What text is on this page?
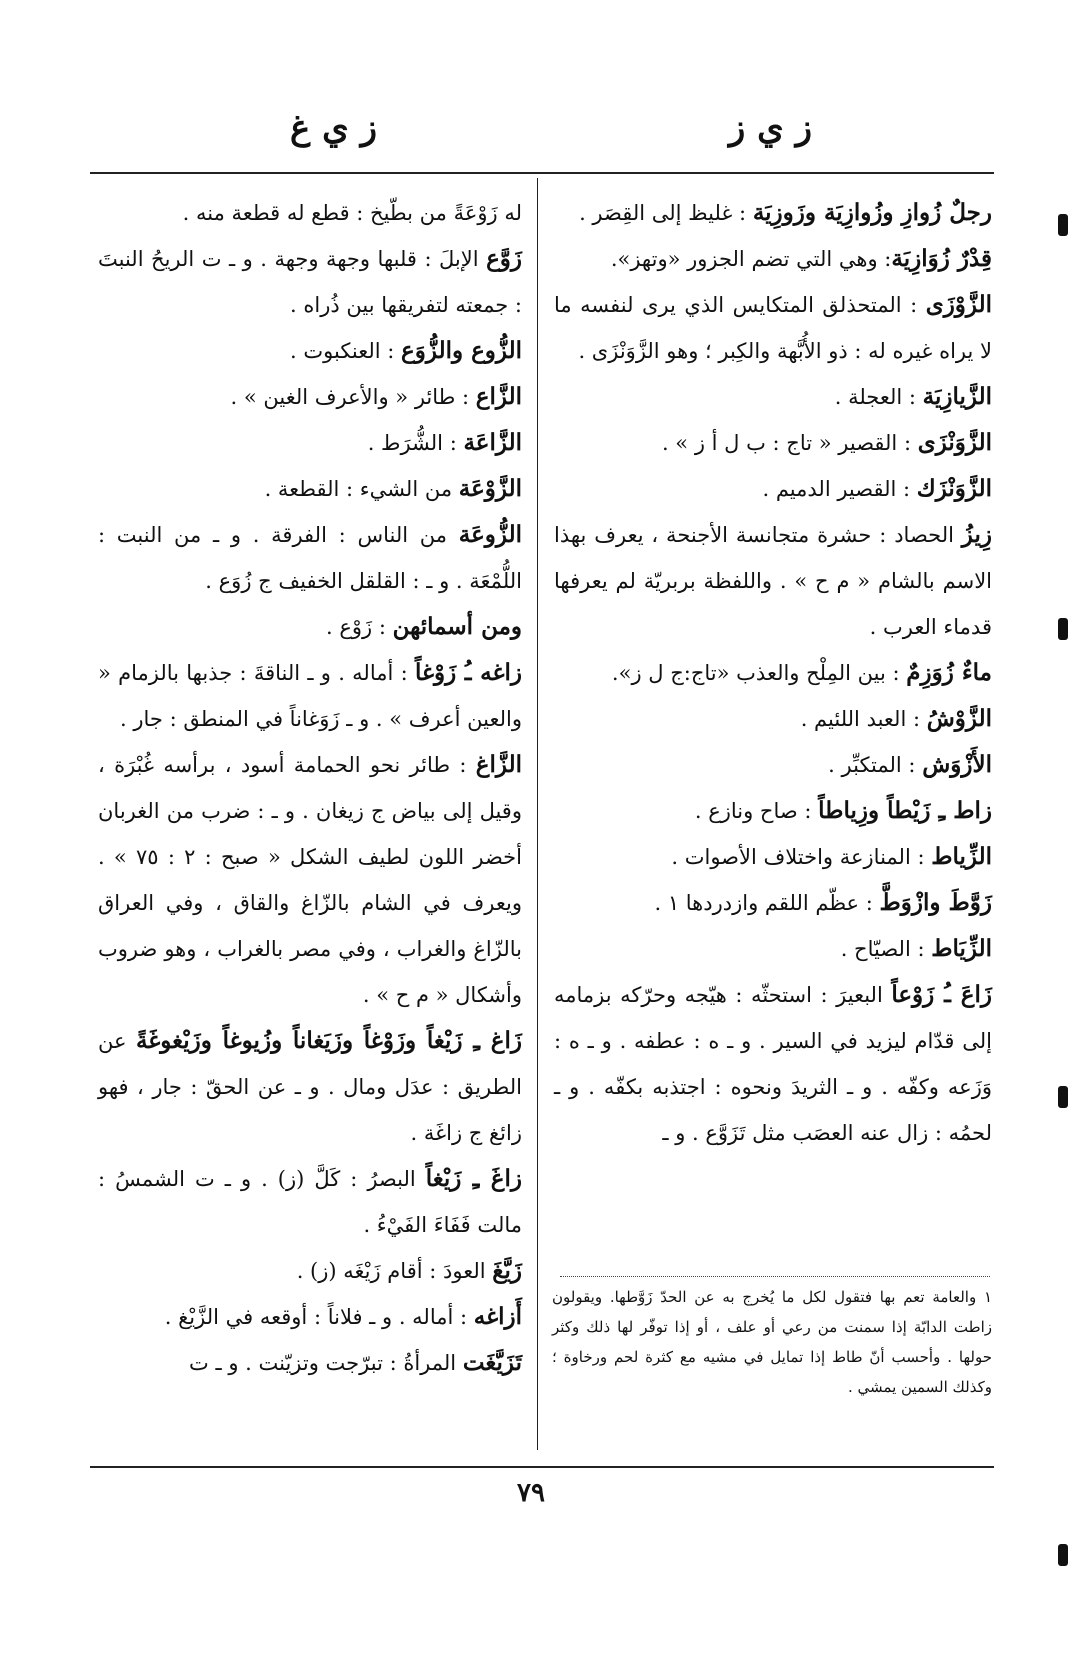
ز ي ز
ز ي غ

رجلٌ زُوازِ وزُوازِيَة وزَوزِيَة : غليظ إلى القِصَر .

قِدْرٌ زُوَازِيَة: وهي التي تضم الجزور «وتهز».

الزَّوْزَى : المتحذلق المتكايس الذي يرى لنفسه ما لا يراه غيره له : ذو الأُبَّهة والكِبر ؛ وهو الزَّوَنْزَى .

الزَّيازِيَة : العجلة .

الزَّوَنْزَى : القصير « تاج : ب ل أ ز » .

الزَّوَنْزَك : القصير الدميم .

زِيزُ الحصاد : حشرة متجانسة الأجنحة ، يعرف بهذا الاسم بالشام « م ح » . واللفظة بربريّة لم يعرفها قدماء العرب .

ماءٌ زُوَزِمٌ : بين المِلْح والعذب «تاج:ج ل ز».

الزَّوْشُ : العبد اللئيم .

الأَزْوَش : المتكبِّر .

زاط ـِ زَيْطاً وزِياطاً : صاح ونازع .

الزِّياط : المنازعة واختلاف الأصوات .

زَوَّطَ وازْوَطَّ : عظّم اللقم وازدردها ١ .

الزِّيَاط : الصيّاح .

زَاعَ ـُ زَوْعاً البعيرَ : استحثّه : هيّجه وحرّكه بزمامه إلى قدّام ليزيد في السير . و ـ ه : عطفه . و ـ ه : وَزَعه وكفّه . و ـ الثريدَ ونحوه : اجتذبه بكفّه . و ـ لحمُه : زال عنه العصَب مثل تَزَوَّع . و ـ

١ والعامة تعم بها فتقول لكل ما يُخرج به عن الحدّ زَوَّطها. ويقولون زاطت الدابّة إذا سمنت من رعي أو علف ، أو إذا توفّر لها ذلك وكثر حولها . وأحسب أنّ طاط إذا تمايل في مشيه مع كثرة لحم ورخاوة ؛ وكذلك السمين يمشي .

له زَوْعَةً من بطّيخ : قطع له قطعة منه .

زَوَّع الإبلَ : قلبها وجهة وجهة . و ـ ت الريحُ النبتَ : جمعته لتفريقها بين ذُراه .

الزُّوع والزُّوَع : العنكبوت .

الزَّاع : طائر « والأعرف الغين » .

الزَّاعَة : الشُّرَط .

الزَّوْعَة من الشيء : القطعة .

الزُّوعَة من الناس : الفرقة . و ـ من النبت : اللُّمْعَة . و ـ : القلقل الخفيف ج زُوَع .

ومن أسمائهن : زَوْع .

زاغه ـُ زَوْغاً : أماله . و ـ الناقةَ : جذبها بالزمام « والعين أعرف » . و ـ زَوَغاناً في المنطق : جار .

الزَّاغ : طائر نحو الحمامة أسود ، برأسه غُبْرَة ، وقيل إلى بياض ج زيغان . و ـ : ضرب من الغربان أخضر اللون لطيف الشكل « صبح : ٢ : ٧٥ » . ويعرف في الشام بالزّاغ والقاق ، وفي العراق بالزّاغ والغراب ، وفي مصر بالغراب ، وهو ضروب وأشكال « م ح » .

زَاغ ـِ زَيْغاً وزَوْغاً وزَيَغاناً وزُيوغاً وزَيْغوغَةً عن الطريق : عدَل ومال . و ـ عن الحقّ : جار ، فهو زائغ ج زاغَة .

زاغَ ـِ زَيْغاً البصرُ : كَلَّ (ز) . و ـ ت الشمسُ : مالت فَفَاءَ الفَيْءُ .

زَيَّغَ العودَ : أقام زَيْغَه (ز) .

أَزاغه : أماله . و ـ فلاناً : أوقعه في الزَّيْغ .

تَزَيَّغَت المرأةُ : تبرّجت وتزيّنت . و ـ ت

٧٩
